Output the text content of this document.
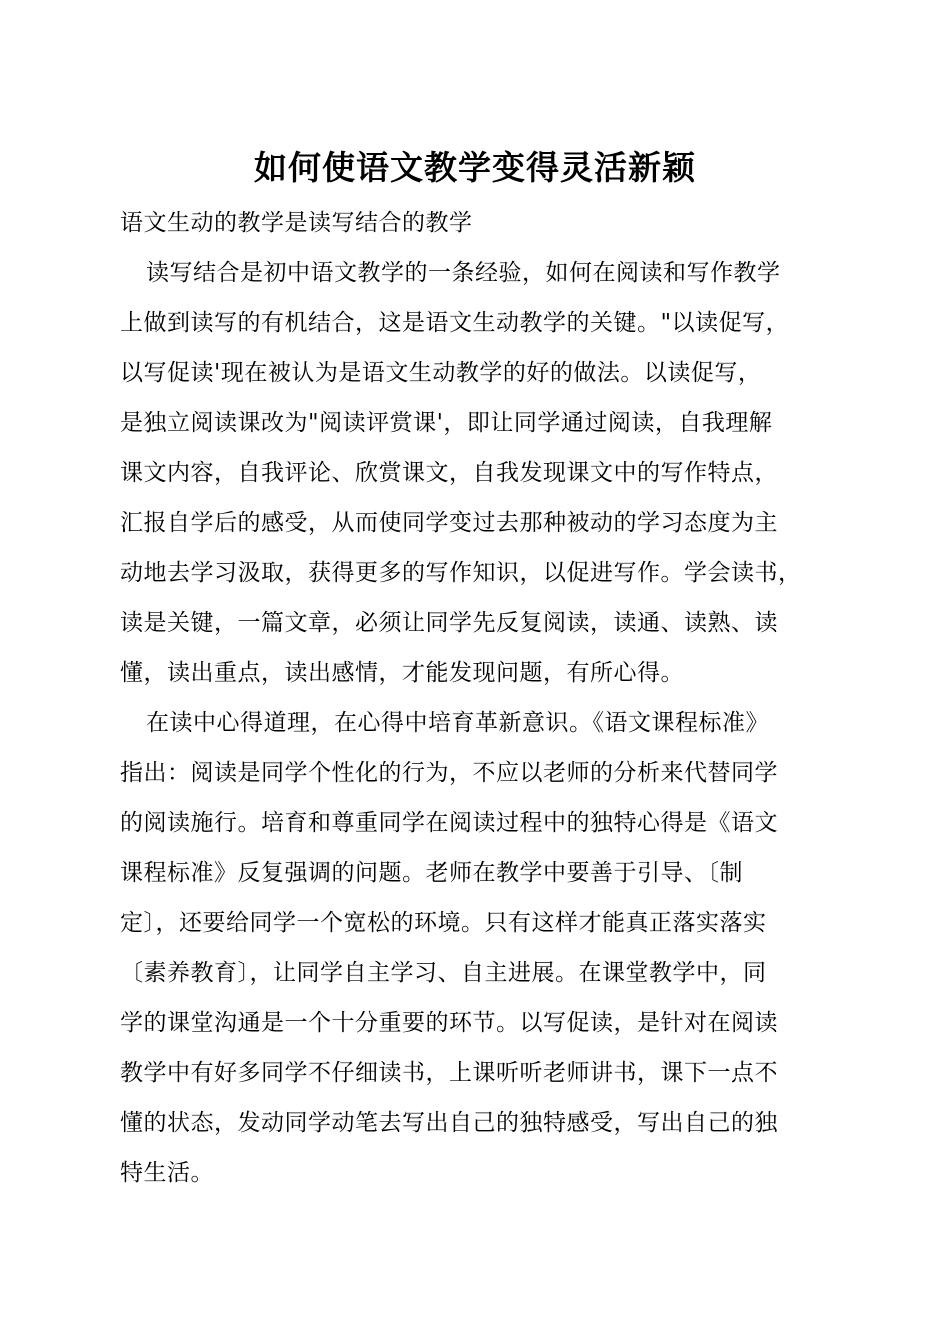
如何使语文教学变得灵活新颖
语文生动的教学是读写结合的教学
读写结合是初中语文教学的一条经验，如何在阅读和写作教学
上做到读写的有机结合，这是语文生动教学的关键。"以读促写，
以写促读'现在被认为是语文生动教学的好的做法。以读促写，
是独立阅读课改为"阅读评赏课'，即让同学通过阅读，自我理解
课文内容，自我评论、欣赏课文，自我发现课文中的写作特点，
汇报自学后的感受，从而使同学变过去那种被动的学习态度为主
动地去学习汲取，获得更多的写作知识，以促进写作。学会读书，
读是关键，一篇文章，必须让同学先反复阅读，读通、读熟、读
懂，读出重点，读出感情，才能发现问题，有所心得。
在读中心得道理，在心得中培育革新意识。《语文课程标准》
指出：阅读是同学个性化的行为，不应以老师的分析来代替同学
的阅读施行。培育和尊重同学在阅读过程中的独特心得是《语文
课程标准》反复强调的问题。老师在教学中要善于引导、〔制
定〕，还要给同学一个宽松的环境。只有这样才能真正落实落实
〔素养教育〕，让同学自主学习、自主进展。在课堂教学中，同
学的课堂沟通是一个十分重要的环节。以写促读，是针对在阅读
教学中有好多同学不仔细读书，上课听听老师讲书，课下一点不
懂的状态，发动同学动笔去写出自己的独特感受，写出自己的独
特生活。
